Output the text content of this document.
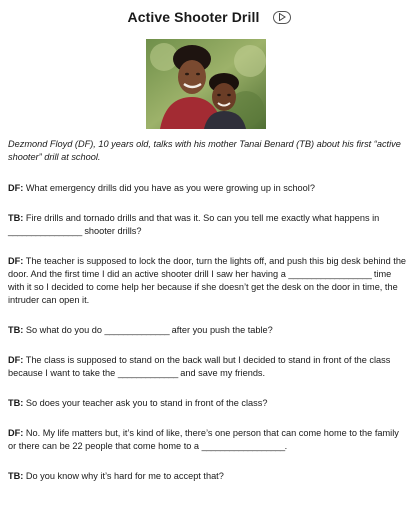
Active Shooter Drill

Dezmond Floyd (DF), 10 years old, talks with his mother Tanai Benard (TB) about his first “active shooter” drill at school.

DF: What emergency drills did you have as you were growing up in school?

TB: Fire drills and tornado drills and that was it. So can you tell me exactly what happens in ________________ shooter drills?

DF: The teacher is supposed to lock the door, turn the lights off, and push this big desk behind the door. And the first time I did an active shooter drill I saw her having a __________________ time with it so I decided to come help her because if she doesn’t get the desk on the door in time, the intruder can open it.

TB: So what do you do ______________ after you push the table?

DF: The class is supposed to stand on the back wall but I decided to stand in front of the class because I want to take the _____________ and save my friends.

TB: So does your teacher ask you to stand in front of the class?

DF: No. My life matters but, it’s kind of like, there’s one person that can come home to the family or there can be 22 people that come home to a __________________.

TB: Do you know why it’s hard for me to accept that?
